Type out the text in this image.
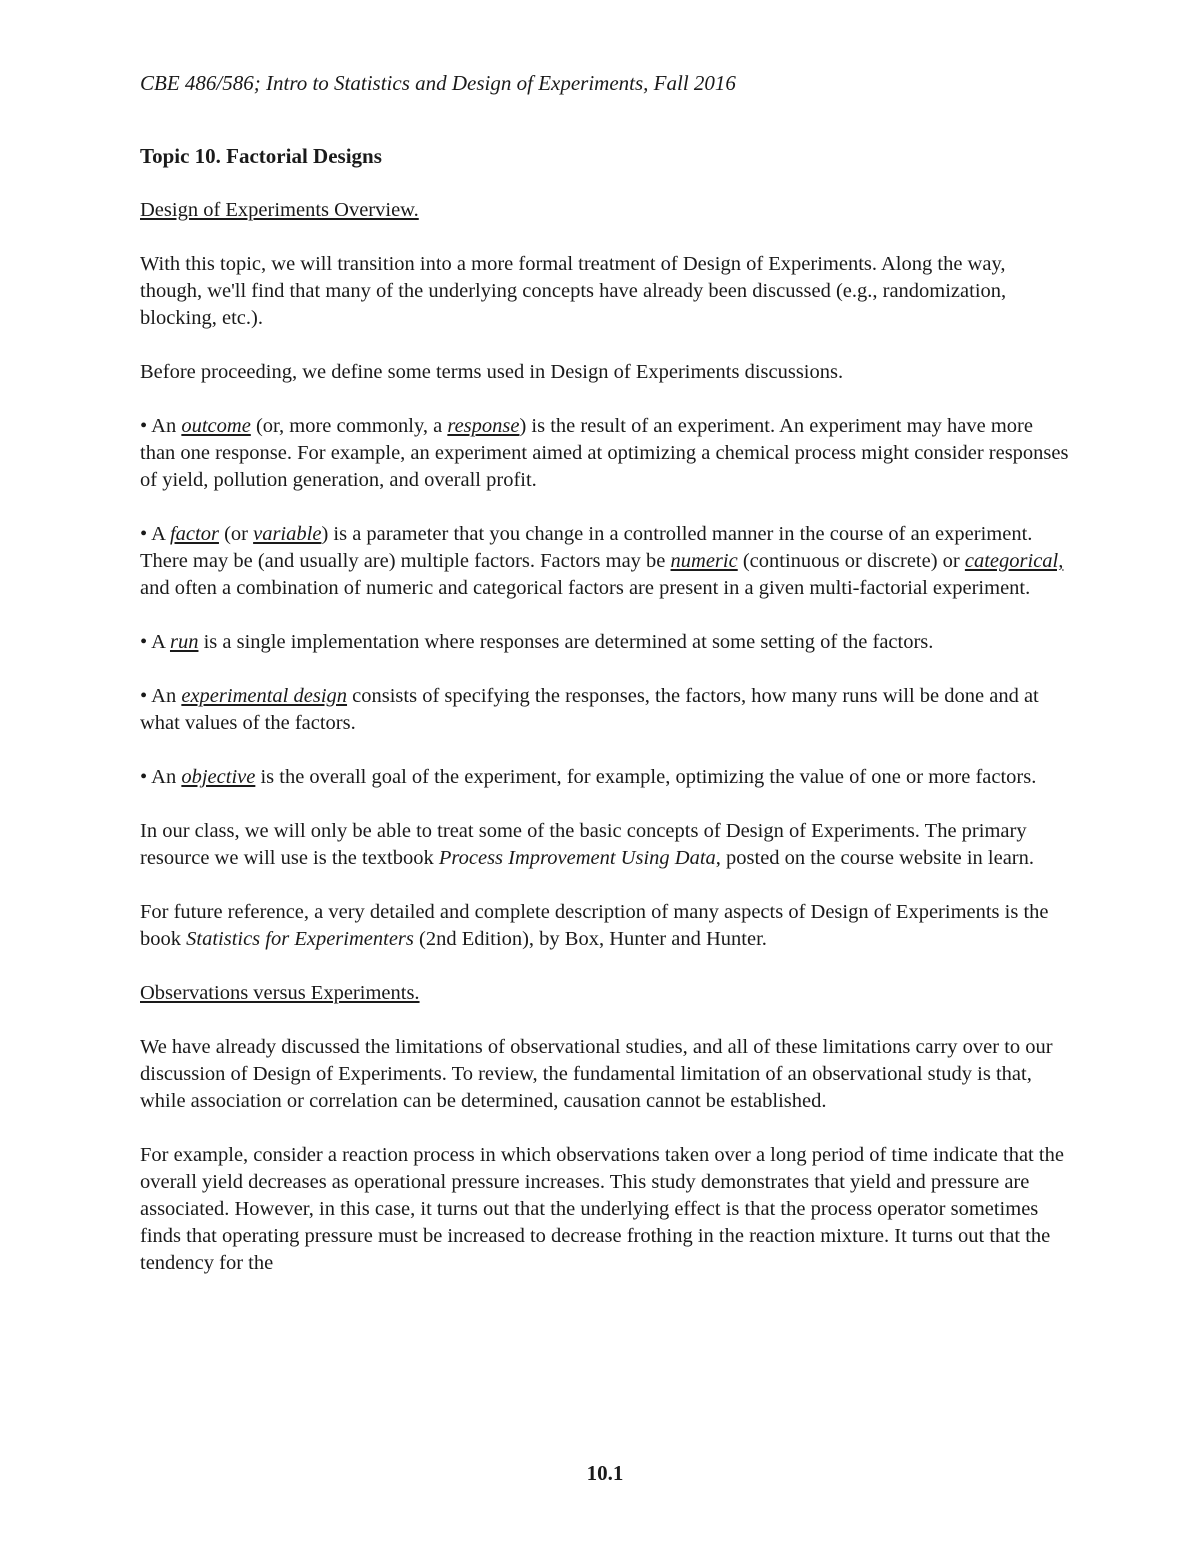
CBE 486/586; Intro to Statistics and Design of Experiments, Fall 2016
Topic 10. Factorial Designs

Design of Experiments Overview.

With this topic, we will transition into a more formal treatment of Design of Experiments. Along the way, though, we'll find that many of the underlying concepts have already been discussed (e.g., randomization, blocking, etc.).

Before proceeding, we define some terms used in Design of Experiments discussions.

• An outcome (or, more commonly, a response) is the result of an experiment. An experiment may have more than one response. For example, an experiment aimed at optimizing a chemical process might consider responses of yield, pollution generation, and overall profit.

• A factor (or variable) is a parameter that you change in a controlled manner in the course of an experiment. There may be (and usually are) multiple factors. Factors may be numeric (continuous or discrete) or categorical, and often a combination of numeric and categorical factors are present in a given multi-factorial experiment.

• A run is a single implementation where responses are determined at some setting of the factors.

• An experimental design consists of specifying the responses, the factors, how many runs will be done and at what values of the factors.

• An objective is the overall goal of the experiment, for example, optimizing the value of one or more factors.

In our class, we will only be able to treat some of the basic concepts of Design of Experiments. The primary resource we will use is the textbook Process Improvement Using Data, posted on the course website in learn.

For future reference, a very detailed and complete description of many aspects of Design of Experiments is the book Statistics for Experimenters (2nd Edition), by Box, Hunter and Hunter.

Observations versus Experiments.

We have already discussed the limitations of observational studies, and all of these limitations carry over to our discussion of Design of Experiments. To review, the fundamental limitation of an observational study is that, while association or correlation can be determined, causation cannot be established.

For example, consider a reaction process in which observations taken over a long period of time indicate that the overall yield decreases as operational pressure increases. This study demonstrates that yield and pressure are associated. However, in this case, it turns out that the underlying effect is that the process operator sometimes finds that operating pressure must be increased to decrease frothing in the reaction mixture. It turns out that the tendency for the

10.1
